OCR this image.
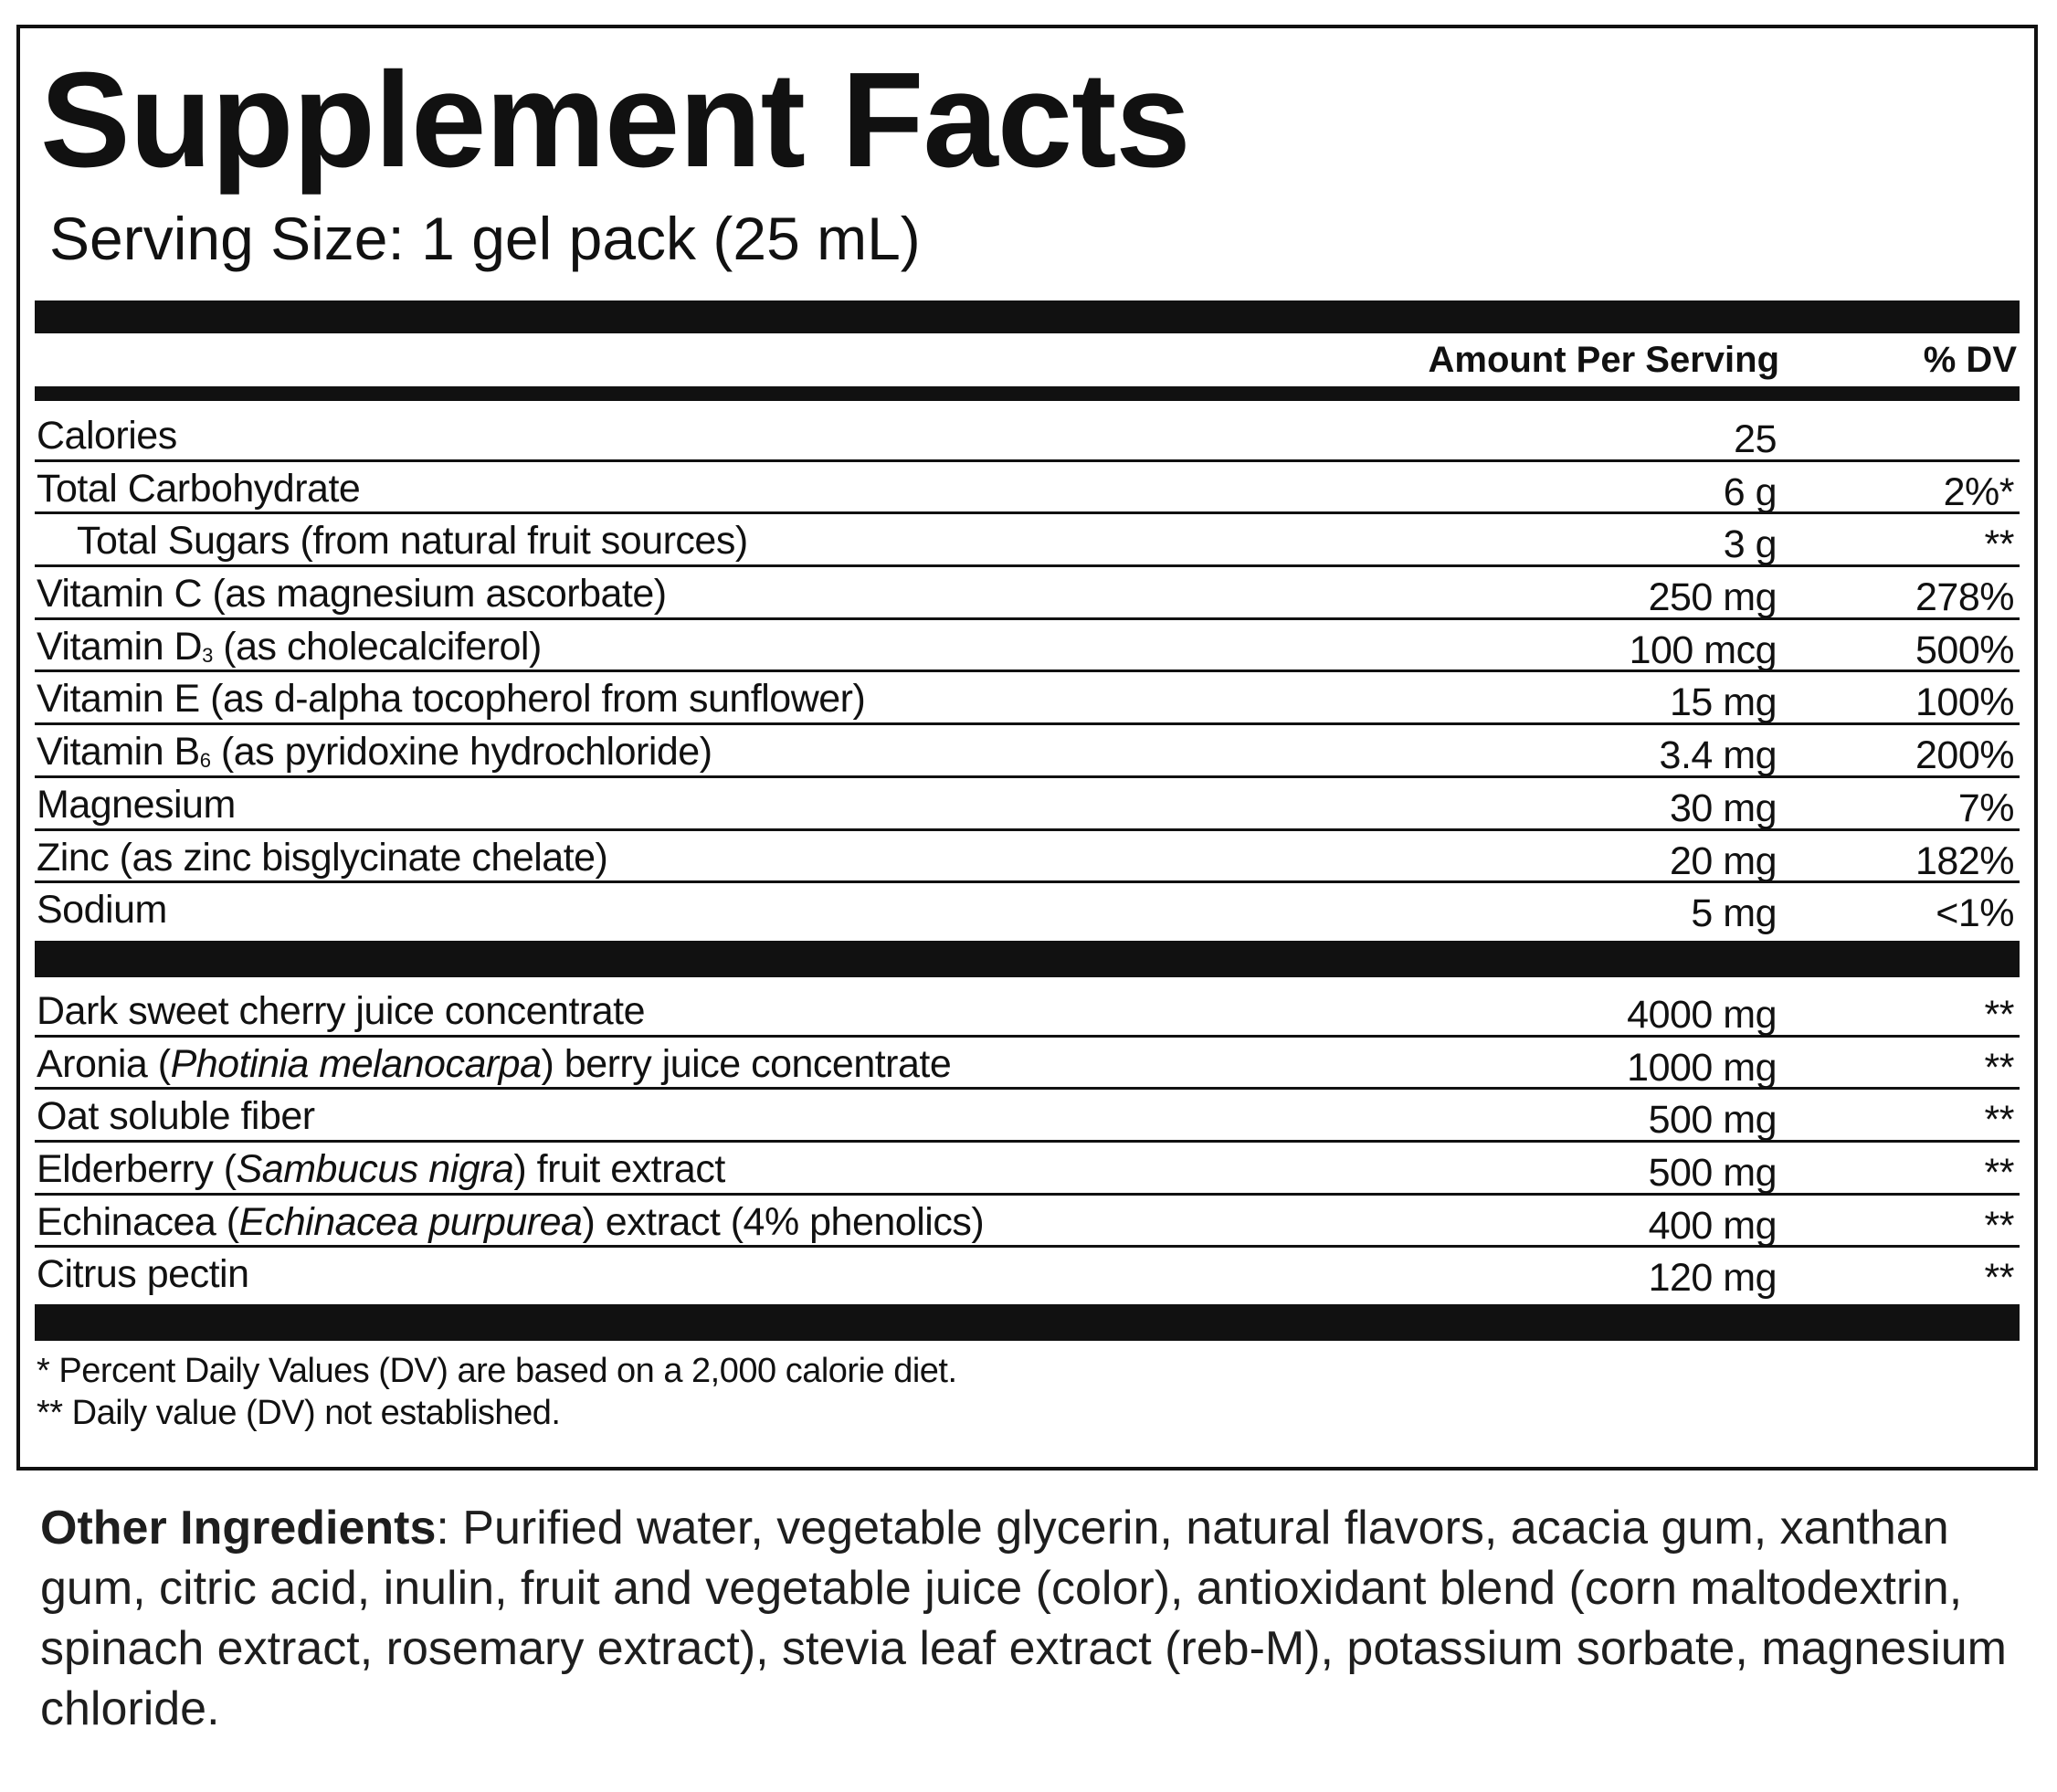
Supplement Facts
Serving Size: 1 gel pack (25 mL)
Amount Per Serving	% DV
Calories	25
Total Carbohydrate	6 g	2%*
Total Sugars (from natural fruit sources)	3 g	**
Vitamin C (as magnesium ascorbate)	250 mg	278%
Vitamin D3 (as cholecalciferol)	100 mcg	500%
Vitamin E (as d-alpha tocopherol from sunflower)	15 mg	100%
Vitamin B6 (as pyridoxine hydrochloride)	3.4 mg	200%
Magnesium	30 mg	7%
Zinc (as zinc bisglycinate chelate)	20 mg	182%
Sodium	5 mg	<1%
Dark sweet cherry juice concentrate	4000 mg	**
Aronia (Photinia melanocarpa) berry juice concentrate	1000 mg	**
Oat soluble fiber	500 mg	**
Elderberry (Sambucus nigra) fruit extract	500 mg	**
Echinacea (Echinacea purpurea) extract (4% phenolics)	400 mg	**
Citrus pectin	120 mg	**
* Percent Daily Values (DV) are based on a 2,000 calorie diet.
** Daily value (DV) not established.
Other Ingredients: Purified water, vegetable glycerin, natural flavors, acacia gum, xanthan gum, citric acid, inulin, fruit and vegetable juice (color), antioxidant blend (corn maltodextrin, spinach extract, rosemary extract), stevia leaf extract (reb-M), potassium sorbate, magnesium chloride.
